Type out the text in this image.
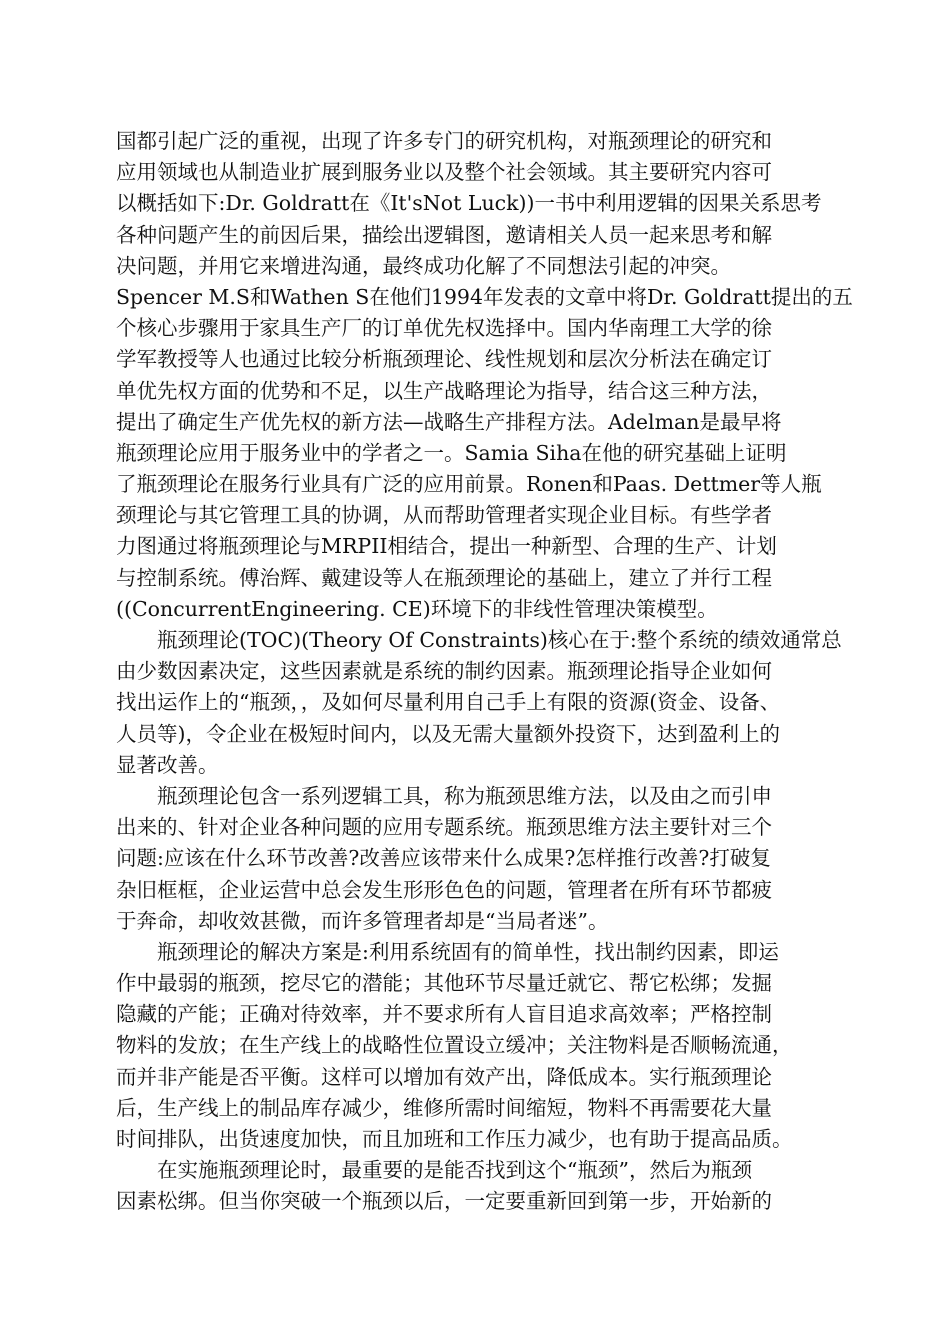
国都引起广泛的重视，出现了许多专门的研究机构，对瓶颈理论的研究和
应用领域也从制造业扩展到服务业以及整个社会领域。其主要研究内容可
以概括如下:Dr. Goldratt在《It'sNot Luck))一书中利用逻辑的因果关系思考
各种问题产生的前因后果，描绘出逻辑图，邀请相关人员一起来思考和解
决问题，并用它来增进沟通，最终成功化解了不同想法引起的冲突。
Spencer M.S和Wathen S在他们1994年发表的文章中将Dr. Goldratt提出的五
个核心步骤用于家具生产厂的订单优先权选择中。国内华南理工大学的徐
学军教授等人也通过比较分析瓶颈理论、线性规划和层次分析法在确定订
单优先权方面的优势和不足，以生产战略理论为指导，结合这三种方法，
提出了确定生产优先权的新方法—战略生产排程方法。Adelman是最早将
瓶颈理论应用于服务业中的学者之一。Samia Siha在他的研究基础上证明
了瓶颈理论在服务行业具有广泛的应用前景。Ronen和Paas. Dettmer等人瓶
颈理论与其它管理工具的协调，从而帮助管理者实现企业目标。有些学者
力图通过将瓶颈理论与MRPII相结合，提出一种新型、合理的生产、计划
与控制系统。傅治辉、戴建设等人在瓶颈理论的基础上，建立了并行工程
((ConcurrentEngineering. CE)环境下的非线性管理决策模型。
瓶颈理论(TOC)(Theory Of Constraints)核心在于:整个系统的绩效通常总
由少数因素决定，这些因素就是系统的制约因素。瓶颈理论指导企业如何
找出运作上的“瓶颈，，及如何尽量利用自己手上有限的资源(资金、设备、
人员等)，令企业在极短时间内，以及无需大量额外投资下，达到盈利上的
显著改善。
瓶颈理论包含一系列逻辑工具，称为瓶颈思维方法，以及由之而引申
出来的、针对企业各种问题的应用专题系统。瓶颈思维方法主要针对三个
问题:应该在什么环节改善?改善应该带来什么成果?怎样推行改善?打破复
杂旧框框，企业运营中总会发生形形色色的问题，管理者在所有环节都疲
于奔命，却收效甚微，而许多管理者却是“当局者迷”。
瓶颈理论的解决方案是:利用系统固有的简单性，找出制约因素，即运
作中最弱的瓶颈，挖尽它的潜能；其他环节尽量迁就它、帮它松绑；发掘
隐藏的产能；正确对待效率，并不要求所有人盲目追求高效率；严格控制
物料的发放；在生产线上的战略性位置设立缓冲；关注物料是否顺畅流通，
而并非产能是否平衡。这样可以增加有效产出，降低成本。实行瓶颈理论
后，生产线上的制品库存减少，维修所需时间缩短，物料不再需要花大量
时间排队，出货速度加快，而且加班和工作压力减少，也有助于提高品质。
在实施瓶颈理论时，最重要的是能否找到这个“瓶颈”，然后为瓶颈
因素松绑。但当你突破一个瓶颈以后，一定要重新回到第一步，开始新的
